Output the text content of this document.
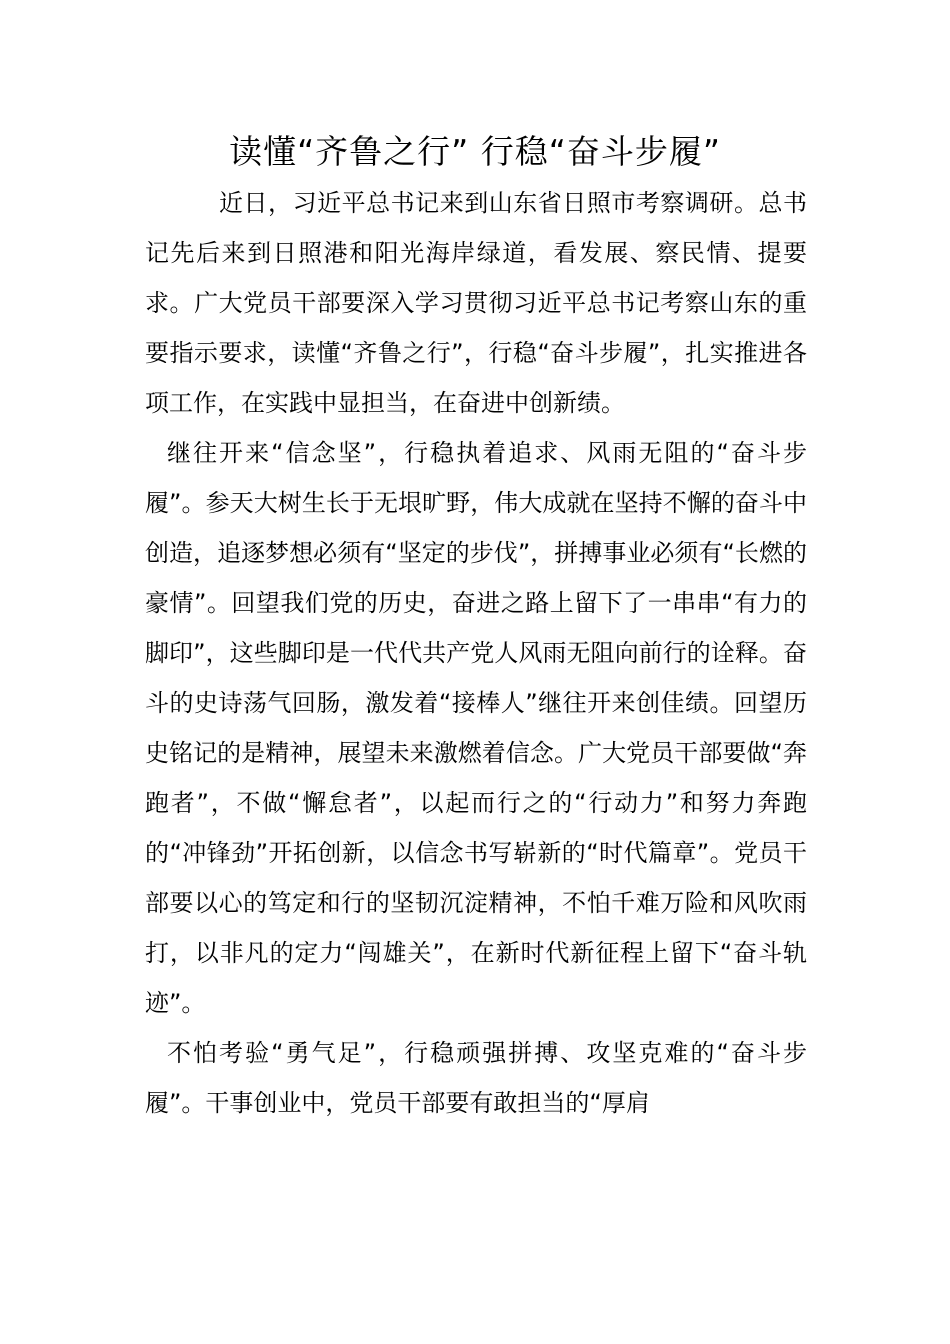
读懂“齐鲁之行” 行稳“奋斗步履”

近日，习近平总书记来到山东省日照市考察调研。总书记先后来到日照港和阳光海岸绿道，看发展、察民情、提要求。广大党员干部要深入学习贯彻习近平总书记考察山东的重要指示要求，读懂“齐鲁之行”，行稳“奋斗步履”，扎实推进各项工作，在实践中显担当，在奋进中创新绩。

继往开来“信念坚”，行稳执着追求、风雨无阻的“奋斗步履”。参天大树生长于无垠旷野，伟大成就在坚持不懈的奋斗中创造，追逐梦想必须有“坚定的步伐”，拼搏事业必须有“长燃的豪情”。回望我们党的历史，奋进之路上留下了一串串“有力的脚印”，这些脚印是一代代共产党人风雨无阻向前行的诠释。奋斗的史诗荡气回肠，激发着“接棒人”继往开来创佳绩。回望历史铭记的是精神，展望未来激燃着信念。广大党员干部要做“奔跑者”，不做“懈怠者”，以起而行之的“行动力”和努力奔跑的“冲锋劲”开拓创新，以信念书写崭新的“时代篇章”。党员干部要以心的笃定和行的坚韧沉淀精神，不怕千难万险和风吹雨打，以非凡的定力“闯雄关”，在新时代新征程上留下“奋斗轨迹”。

不怕考验“勇气足”，行稳顽强拼搏、攻坚克难的“奋斗步履”。干事创业中，党员干部要有敢担当的“厚肩
